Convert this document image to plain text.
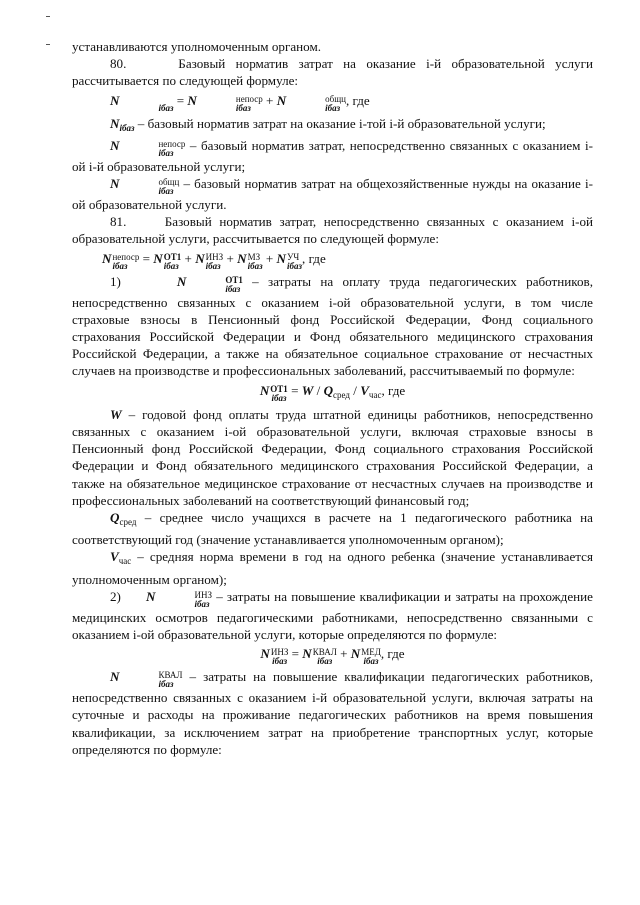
устанавливаются уполномоченным органом.

80.     Базовый норматив затрат на оказание i-й образовательной услуги рассчитывается по следующей формуле:

N	iбаз = N	непоср
iбаз + N	общц
iбаз , где

$N_{iбаз}$ – базовый норматив затрат на оказание i-той i-й образовательной услуги;

N	непоср
iбаз – базовый норматив затрат, непосредственно связанных с оказанием i-ой i-й образовательной услуги;

N	общц
iбаз – базовый норматив затрат на общехозяйственные нужды на оказание i-ой образовательной услуги.

81.     Базовый норматив затрат, непосредственно связанных с оказанием i-ой образовательной услуги, рассчитывается по следующей формуле:

N непоср
iбаз = N ОТ1
iбаз + N ИНЗ
iбаз + N МЗ
iбаз + N УЧ
iбаз , где

1)      N	ОТ1
iбаз – затраты на оплату труда педагогических работников, непосредственно связанных с оказанием i-ой образовательной услуги, в том числе страховые взносы в Пенсионный фонд Российской Федерации, Фонд социального страхования Российской Федерации и Фонд обязательного медицинского страхования Российской Федерации, а также на обязательное социальное страхование от несчастных случаев на производстве и профессиональных заболеваний, рассчитываемый по формуле:

N ОТ1
iбаз = W / $Q_{сред} / V_{час}$, где

W – годовой фонд оплаты труда штатной единицы работников, непосредственно связанных с оказанием i-ой образовательной услуги, включая страховые взносы в Пенсионный фонд Российской Федерации, Фонд социального страхования Российской Федерации и Фонд обязательного медицинского страхования Российской Федерации, а также на обязательное медицинское страхование от несчастных случаев на производстве и профессиональных заболеваний на соответствующий финансовый год;

$Q_{сред}$ – среднее число учащихся в расчете на 1 педагогического работника на соответствующий год (значение устанавливается уполномоченным органом);

$V_{час}$ – средняя норма времени в год на одного ребенка (значение устанавливается уполномоченным органом);

2)      N	ИНЗ
iбаз – затраты на повышение квалификации и затраты на прохождение медицинских осмотров педагогическими работниками, непосредственно связанными с оказанием i-ой образовательной услуги, которые определяются по формуле:

N ИНЗ
iбаз = N КВАЛ
iбаз + N МЕД
iбаз , где

N	КВАЛ
iбаз – затраты на повышение квалификации педагогических работников, непосредственно связанных с оказанием i-й образовательной услуги, включая затраты на суточные и расходы на проживание педагогических работников на время повышения квалификации, за исключением затрат на приобретение транспортных услуг, которые определяются по формуле:
